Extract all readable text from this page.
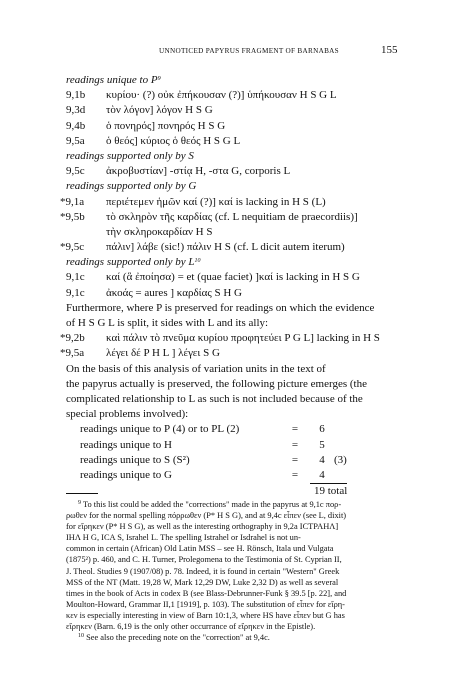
UNNOTICED PAPYRUS FRAGMENT OF BARNABAS	155
readings unique to $P^9$
9,1b	κυρίου· (?) οὐκ ἐπήκουσαν (?)] ὑπήκουσαν H S G L
9,3d	τὸν λόγον] λόγον H S G
9,4b	ὁ πονηρός] πονηρός H S G
9,5a	ὁ θεός] κύριος ὁ θεός H S G L
readings supported only by S
9,5c	ἀκροβυστίαν] -στίᾳ H, -στα G, corporis L
readings supported only by G
*9,1a	περιέτεμεν ἡμῶν καί (?)] καί is lacking in H S (L)
*9,5b	τὸ σκληρὸν τῆς καρδίας (cf. L nequitiam de praecordiis)]
τὴν σκληροκαρδίαν H S
*9,5c	πάλιν] λάβε (sic!) πάλιν H S (cf. L dicit autem iterum)
readings supported only by $L^{10}$
9,1c	καί (ἃ ἐποίησα) = et (quae faciet) ]καί is lacking in H S G
9,1c	ἀκοάς = aures ] καρδίας S H G
Furthermore, where P is preserved for readings on which the evidence
of H S G L is split, it sides with L and its ally:
*9,2b	καὶ πάλιν τὸ πνεῦμα κυρίου προφητεύει P G L] lacking in H S
*9,5a	λέγει δέ P H L ] λέγει S G
On the basis of this analysis of variation units in the text of
the papyrus actually is preserved, the following picture emerges (the
complicated relationship to L as such is not included because of the
special problems involved):
readings unique to P (4) or to PL (2)	=	6
readings unique to H	=	5
readings unique to S (S²)	=	4 (3)
readings unique to G	=	4
19 total

$^9$ To this list could be added the "corrections" made in the papyrus at 9,1c πορ-

ρωθεν for the normal spelling πόρρωθεν (P* H S G), and at 9,4c εἶπεν (see L, dixit)

for εἴρηκεν (P* H S G), as well as the interesting orthography in 9,2a ΙCΤΡΑΗΛ]

ΙΗΛ H G, ΙCΑ S, Israhel L. The spelling Istrahel or Isdrahel is not un-

common in certain (African) Old Latin MSS – see H. Rönsch, Itala und Vulgata

(1875²) p. 460, and C. H. Turner, Prolegomena to the Testimonia of St. Cyprian II,

J. Theol. Studies 9 (1907/08) p. 78. Indeed, it is found in certain "Western" Greek

MSS of the NT (Matt. 19,28 W, Mark 12,29 DW, Luke 2,32 D) as well as several

times in the book of Acts in codex B (see Blass-Debrunner-Funk § 39.5 [p. 22], and

Moulton-Howard, Grammar II,1 [1919], p. 103). The substitution of εἶπεν for εἴρη-

κεν is especially interesting in view of Barn 10:1,3, where HS have εἶπεν but G has

εἴρηκεν (Barn. 6,19 is the only other occurrance of εἴρηκεν in the Epistle).

$^{10}$ See also the preceding note on the "correction" at 9,4c.
